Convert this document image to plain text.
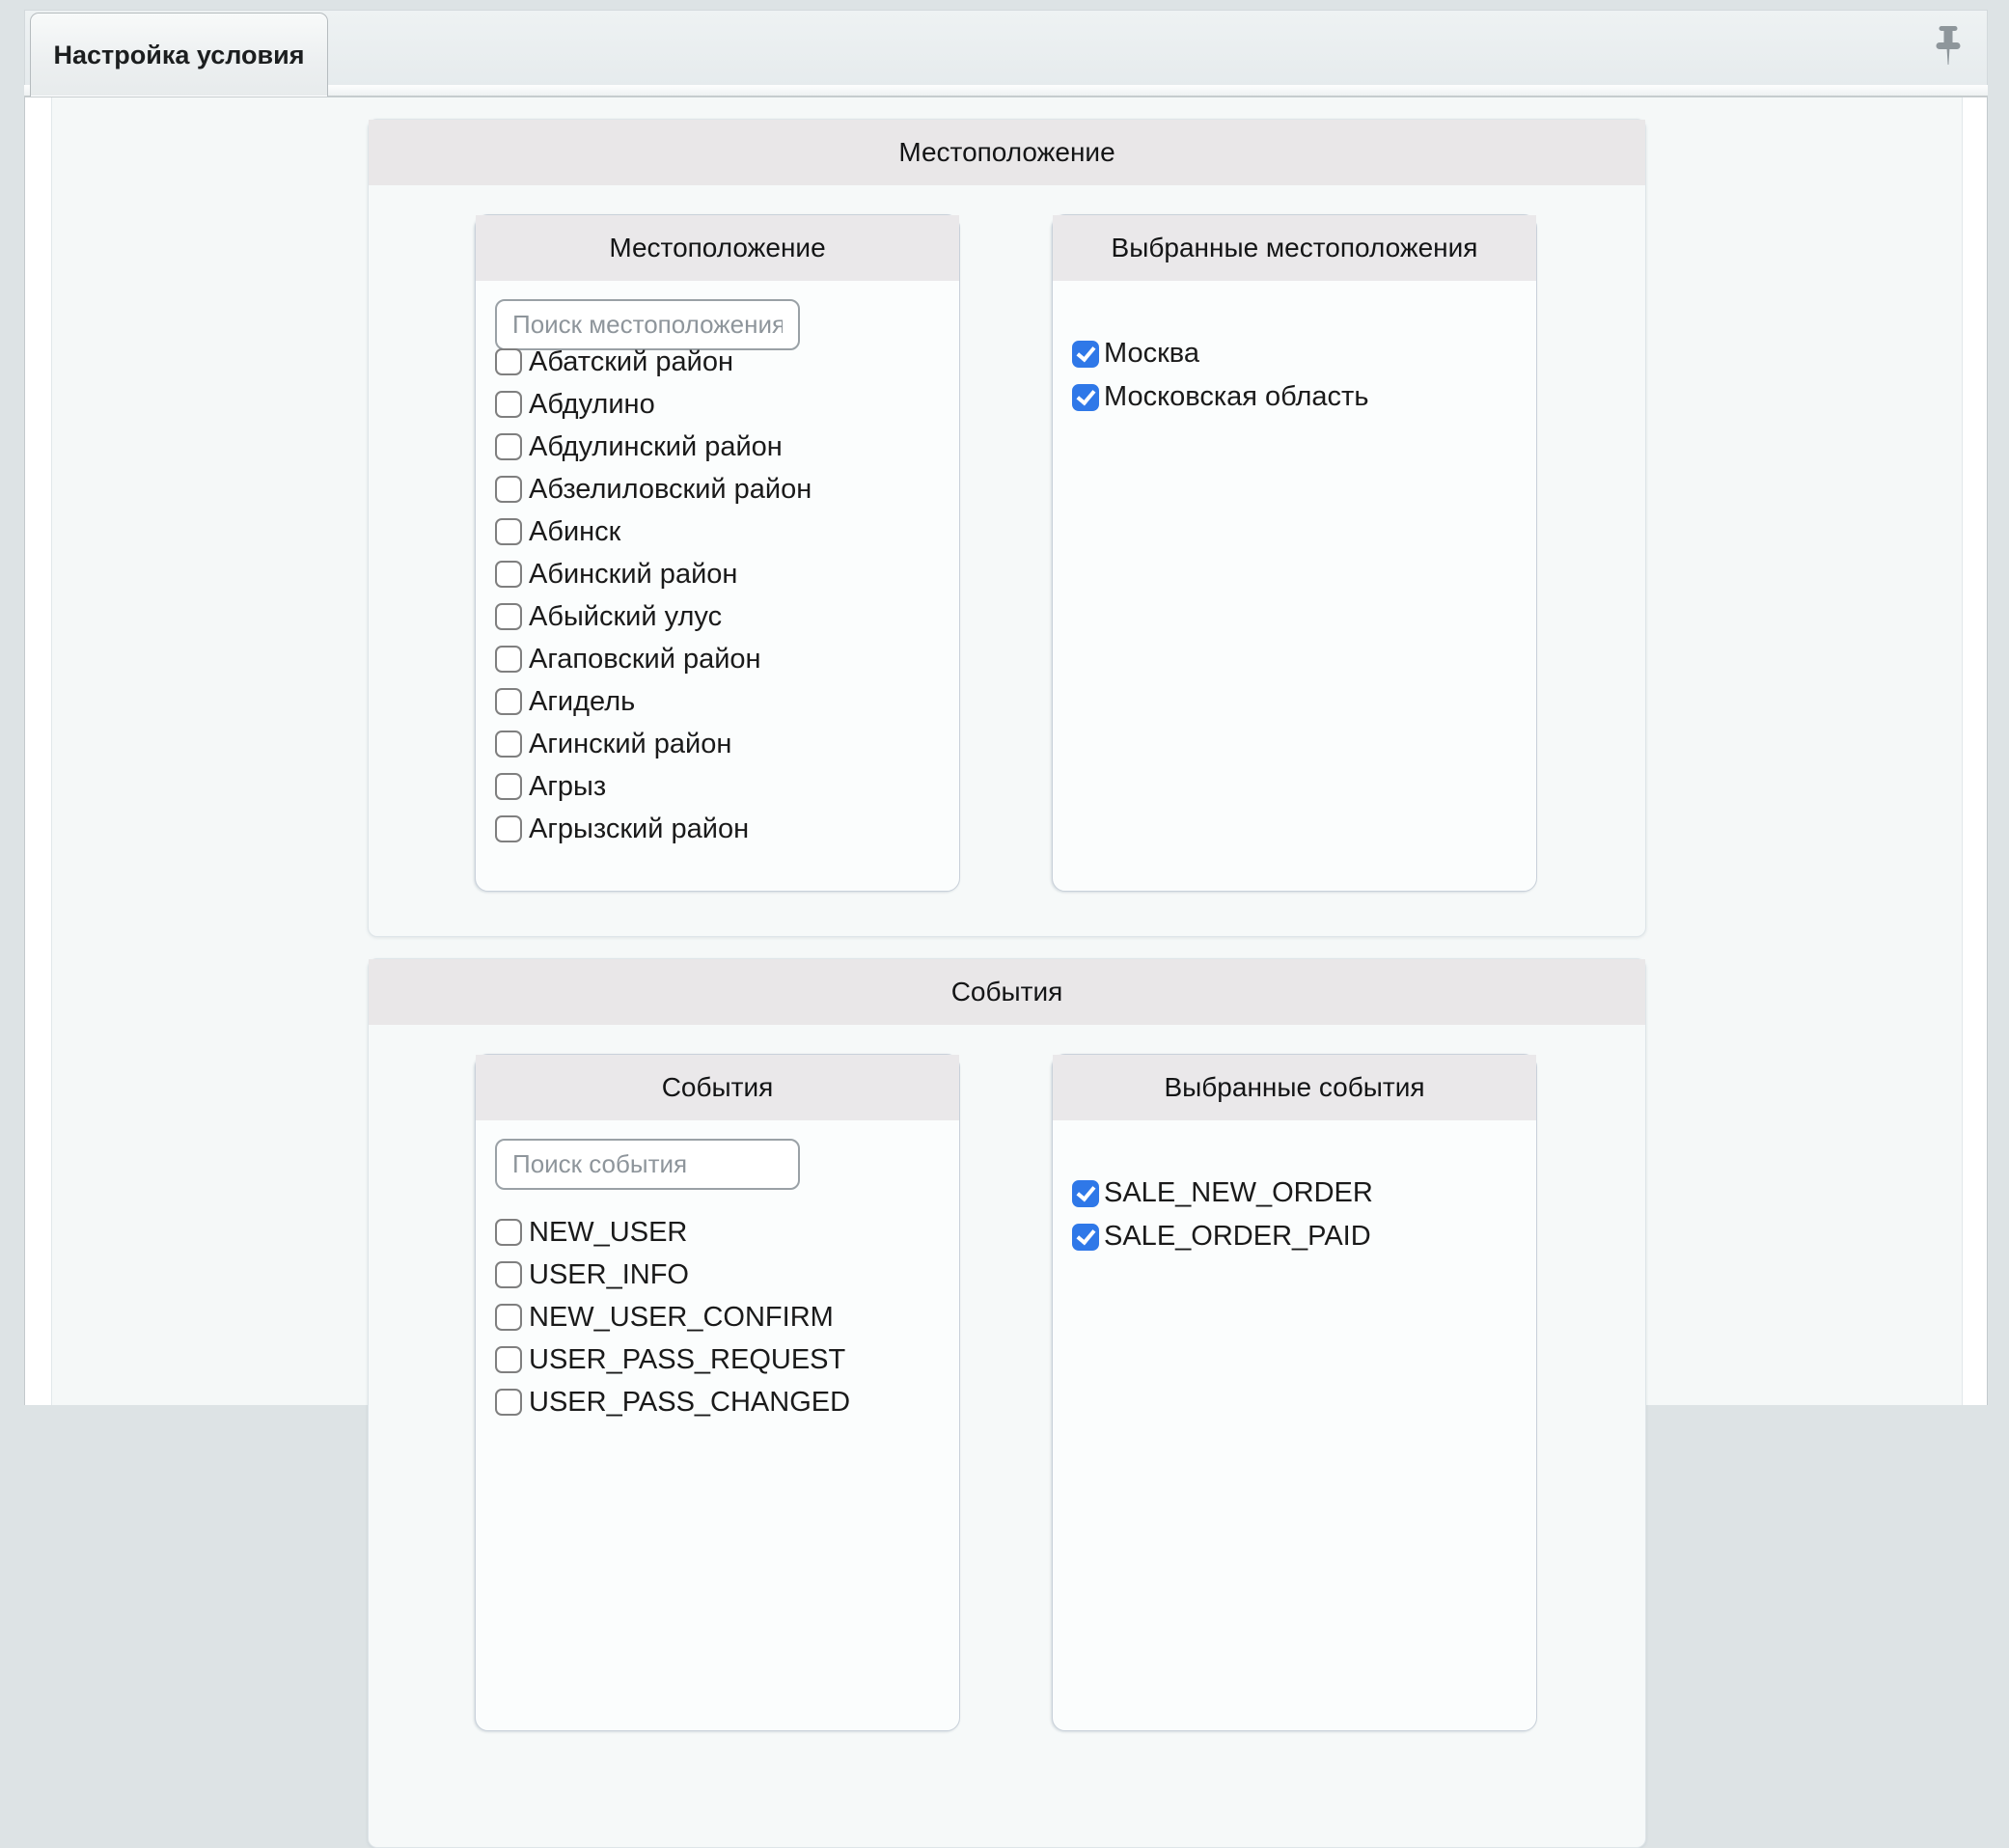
Настройка условия
Местоположение
Местоположение
Поиск местоположения
Абатский район
Абдулино
Абдулинский район
Абзелиловский район
Абинск
Абинский район
Абыйский улус
Агаповский район
Агидель
Агинский район
Агрыз
Агрызский район
Выбранные местоположения
Москва
Московская область
События
События
Поиск события
NEW_USER
USER_INFO
NEW_USER_CONFIRM
USER_PASS_REQUEST
USER_PASS_CHANGED
Выбранные события
SALE_NEW_ORDER
SALE_ORDER_PAID
